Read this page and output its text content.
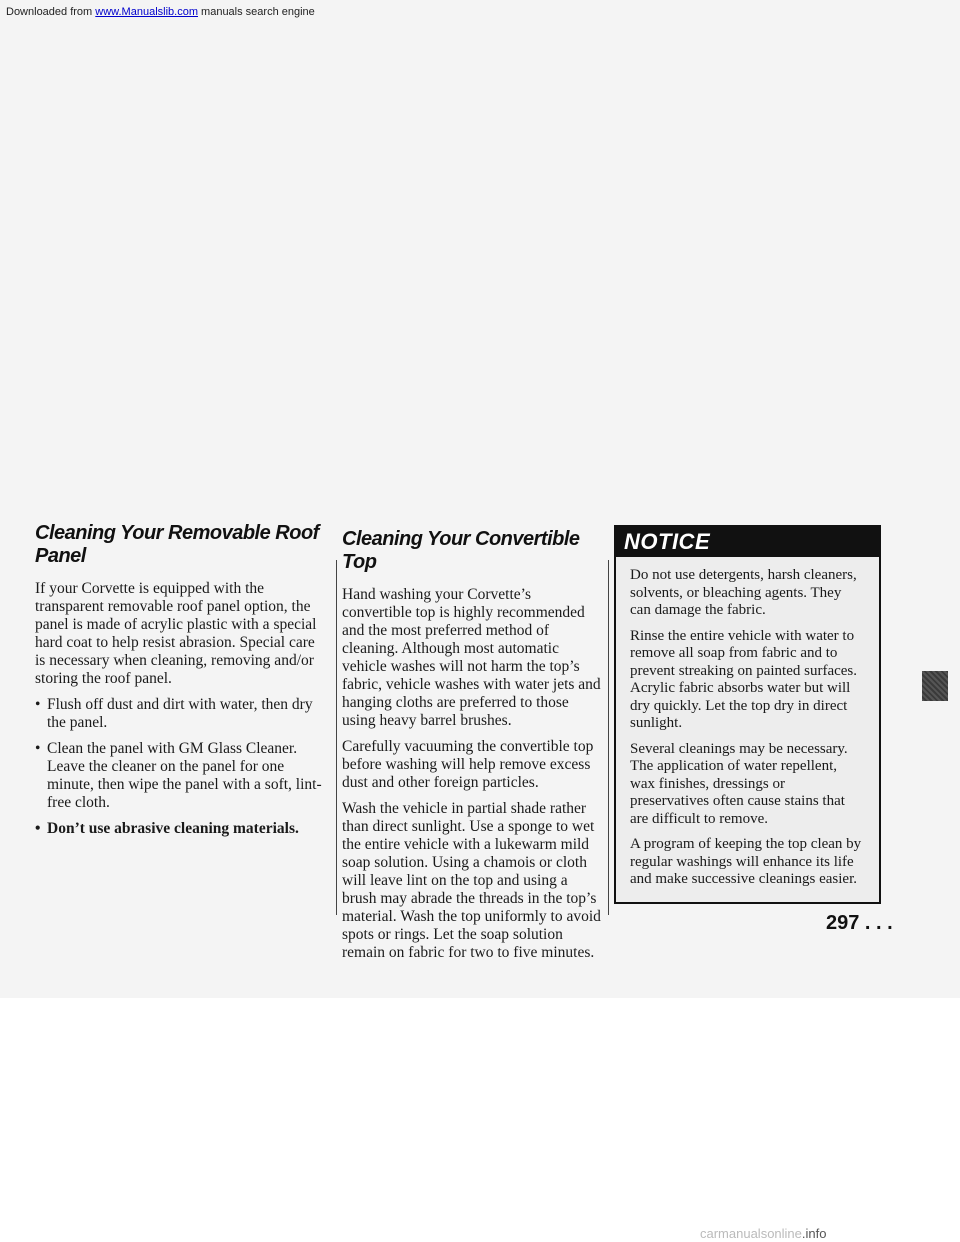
Downloaded from www.Manualslib.com manuals search engine
Cleaning Your Removable Roof Panel

If your Corvette is equipped with the transparent removable roof panel option, the panel is made of acrylic plastic with a special hard coat to help resist abrasion. Special care is necessary when cleaning, removing and/or storing the roof panel.

• Flush off dust and dirt with water, then dry the panel.
• Clean the panel with GM Glass Cleaner. Leave the cleaner on the panel for one minute, then wipe the panel with a soft, lint-free cloth.
• Don’t use abrasive cleaning materials.
Cleaning Your Convertible Top

Hand washing your Corvette’s convertible top is highly recommended and the most preferred method of cleaning. Although most automatic vehicle washes will not harm the top’s fabric, vehicle washes with water jets and hanging cloths are preferred to those using heavy barrel brushes.

Carefully vacuuming the convertible top before washing will help remove excess dust and other foreign particles.

Wash the vehicle in partial shade rather than direct sunlight. Use a sponge to wet the entire vehicle with a lukewarm mild soap solution. Using a chamois or cloth will leave lint on the top and using a brush may abrade the threads in the top’s material. Wash the top uniformly to avoid spots or rings. Let the soap solution remain on fabric for two to five minutes.

NOTICE

Do not use detergents, harsh cleaners, solvents, or bleaching agents. They can damage the fabric.

Rinse the entire vehicle with water to remove all soap from fabric and to prevent streaking on painted surfaces. Acrylic fabric absorbs water but will dry quickly. Let the top dry in direct sunlight.

Several cleanings may be necessary. The application of water repellent, wax finishes, dressings or preservatives often cause stains that are difficult to remove.

A program of keeping the top clean by regular washings will enhance its life and make successive cleanings easier.

297 . . .
carmanualsonline.info
